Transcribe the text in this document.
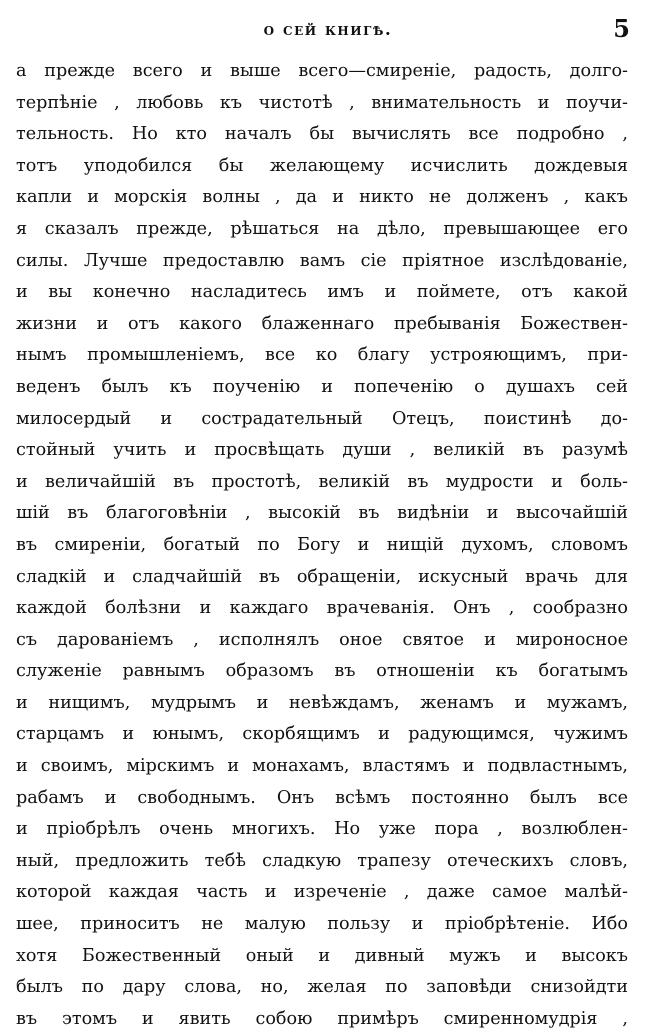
о сей книгѣ.	5
а прежде всего и выше всего—смиреніе, радость, долго-
терпѣніе , любовь къ чистотѣ , внимательность и поучи-
тельность. Но кто началъ бы вычислять все подробно ,
тотъ уподобился бы желающему исчислить дождевыя
капли и морскія волны , да и никто не долженъ , какъ
я сказалъ прежде, рѣшаться на дѣло, превышающее его
силы. Лучше предоставлю вамъ сіе пріятное изслѣдованіе,
и вы конечно насладитесь имъ и поймете, отъ какой
жизни и отъ какого блаженнаго пребыванія Божествен-
нымъ промышленіемъ, все ко благу устрояющимъ, при-
веденъ былъ къ поученію и попеченію о душахъ сей
милосердый и сострадательный Отецъ, поистинѣ до-
стойный учить и просвѣщать души , великій въ разумѣ
и величайшій въ простотѣ, великій въ мудрости и боль-
шій въ благоговѣніи , высокій въ видѣніи и высочайшій
въ смиреніи, богатый по Богу и нищій духомъ, словомъ
сладкій и сладчайшій въ обращеніи, искусный врачь для
каждой болѣзни и каждаго врачеванія. Онъ , сообразно
съ дарованіемъ , исполнялъ оное святое и мироносное
служеніе равнымъ образомъ въ отношеніи къ богатымъ
и нищимъ, мудрымъ и невѣждамъ, женамъ и мужамъ,
старцамъ и юнымъ, скорбящимъ и радующимся, чужимъ
и своимъ, мірскимъ и монахамъ, властямъ и подвластнымъ,
рабамъ и свободнымъ. Онъ всѣмъ постоянно былъ все
и пріобрѣлъ очень многихъ. Но уже пора , возлюблен-
ный, предложить тебѣ сладкую трапезу отеческихъ словъ,
которой каждая часть и изреченіе , даже самое малѣй-
шее, приноситъ не малую пользу и пріобрѣтеніе. Ибо
хотя Божественный оный и дивный мужъ и высокъ
былъ по дару слова, но, желая по заповѣди снизойдти
въ этомъ и явить собою примѣръ смиренномудрія ,
